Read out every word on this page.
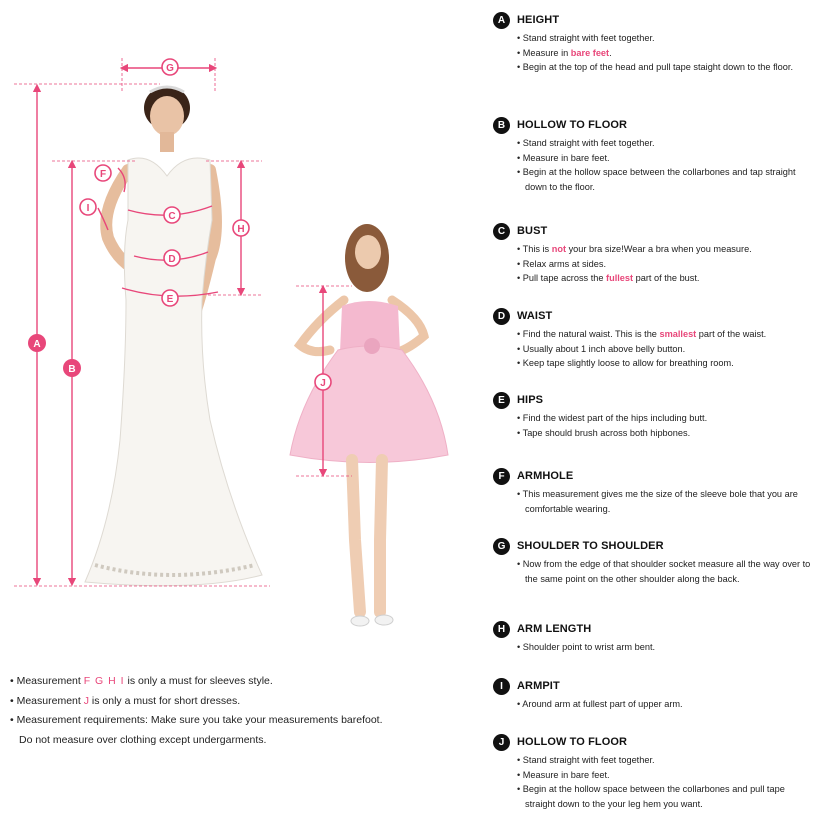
A
B
C
D
E
F
G
H
I
J
• Measurement F G H I is only a must for sleeves style.
• Measurement J is only a must for short dresses.
• Measurement requirements: Make sure you take your measurements barefoot.
Do not measure over clothing except undergarments.
A	HEIGHT
• Stand straight with feet together.
• Measure in bare feet.
• Begin at the top of the head and pull tape staight down to the floor.
B	HOLLOW TO FLOOR
• Stand straight with feet together.
• Measure in bare feet.
• Begin at the hollow space between the collarbones and tap straight down to the floor.
C	BUST
• This is not your bra size!Wear a bra when you measure.
• Relax arms at sides.
• Pull tape across the fullest part of the bust.
D	WAIST
• Find the natural waist. This is the smallest part of the waist.
• Usually about 1 inch above belly button.
• Keep tape slightly loose to allow for breathing room.
E	HIPS
• Find the widest part of the hips including butt.
• Tape should brush across both hipbones.
F	ARMHOLE
• This measurement gives me the size of the sleeve bole that you are comfortable wearing.
G	SHOULDER TO SHOULDER
• Now from the edge of that shoulder socket measure all the way over to the same point on the other shoulder along the back.
H	ARM LENGTH
• Shoulder point to wrist arm bent.
I	ARMPIT
• Around arm at fullest part of upper arm.
J	HOLLOW TO FLOOR
• Stand straight with feet together.
• Measure in bare feet.
• Begin at the hollow space between the collarbones and pull tape straight down to the your leg hem you want.
